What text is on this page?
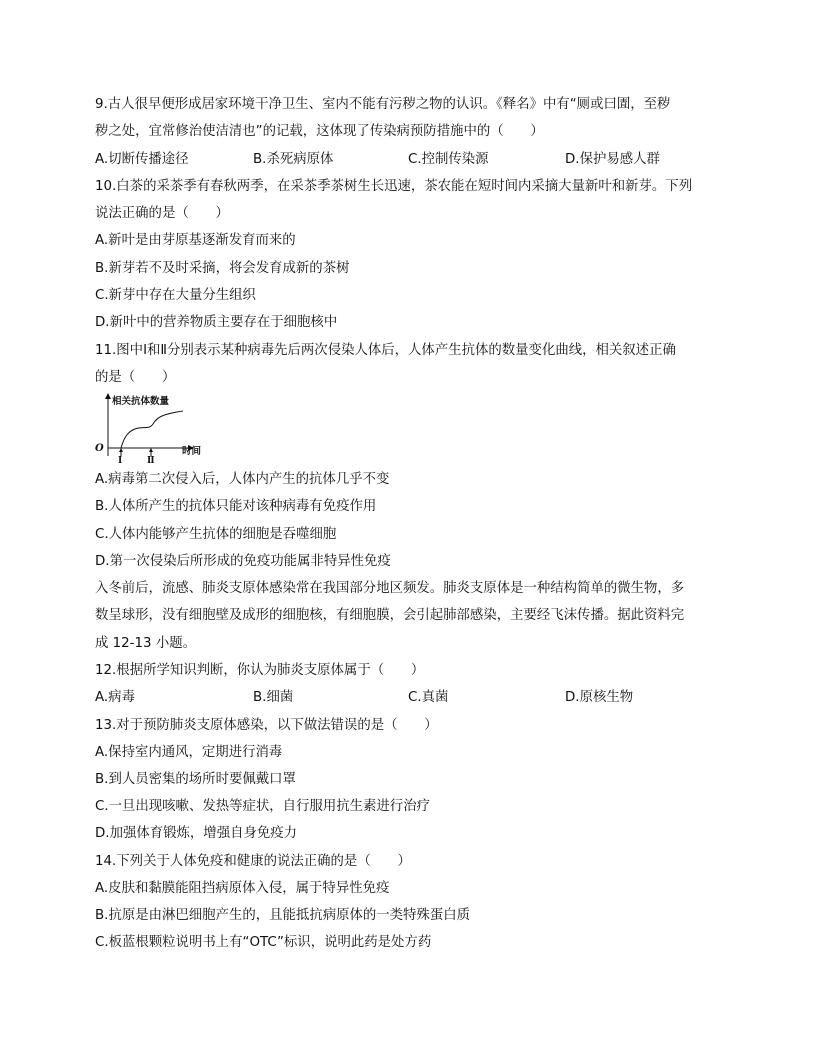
9.古人很早便形成居家环境干净卫生、室内不能有污秽之物的认识。《释名》中有“厕或曰圊，至秽
秽之处，宜常修治使洁清也”的记载，这体现了传染病预防措施中的（　　）
A.切断传播途径	B.杀死病原体	C.控制传染源	D.保护易感人群
10.白茶的采茶季有春秋两季，在采茶季茶树生长迅速，茶农能在短时间内采摘大量新叶和新芽。下列
说法正确的是（　　）
A.新叶是由芽原基逐渐发育而来的
B.新芽若不及时采摘，将会发育成新的茶树
C.新芽中存在大量分生组织
D.新叶中的营养物质主要存在于细胞核中
11.图中Ⅰ和Ⅱ分别表示某种病毒先后两次侵染人体后，人体产生抗体的数量变化曲线，相关叙述正确
的是（　　）
相关抗体数量
O	时间
Ⅰ	Ⅱ
A.病毒第二次侵入后，人体内产生的抗体几乎不变
B.人体所产生的抗体只能对该种病毒有免疫作用
C.人体内能够产生抗体的细胞是吞噬细胞
D.第一次侵染后所形成的免疫功能属非特异性免疫
入冬前后，流感、肺炎支原体感染常在我国部分地区频发。肺炎支原体是一种结构简单的微生物，多
数呈球形，没有细胞壁及成形的细胞核，有细胞膜，会引起肺部感染，主要经飞沫传播。据此资料完
成 12-13 小题。
12.根据所学知识判断，你认为肺炎支原体属于（　　）
A.病毒	B.细菌	C.真菌	D.原核生物
13.对于预防肺炎支原体感染，以下做法错误的是（　　）
A.保持室内通风，定期进行消毒
B.到人员密集的场所时要佩戴口罩
C.一旦出现咳嗽、发热等症状，自行服用抗生素进行治疗
D.加强体育锻炼，增强自身免疫力
14.下列关于人体免疫和健康的说法正确的是（　　）
A.皮肤和黏膜能阻挡病原体入侵，属于特异性免疫
B.抗原是由淋巴细胞产生的，且能抵抗病原体的一类特殊蛋白质
C.板蓝根颗粒说明书上有“OTC”标识，说明此药是处方药
